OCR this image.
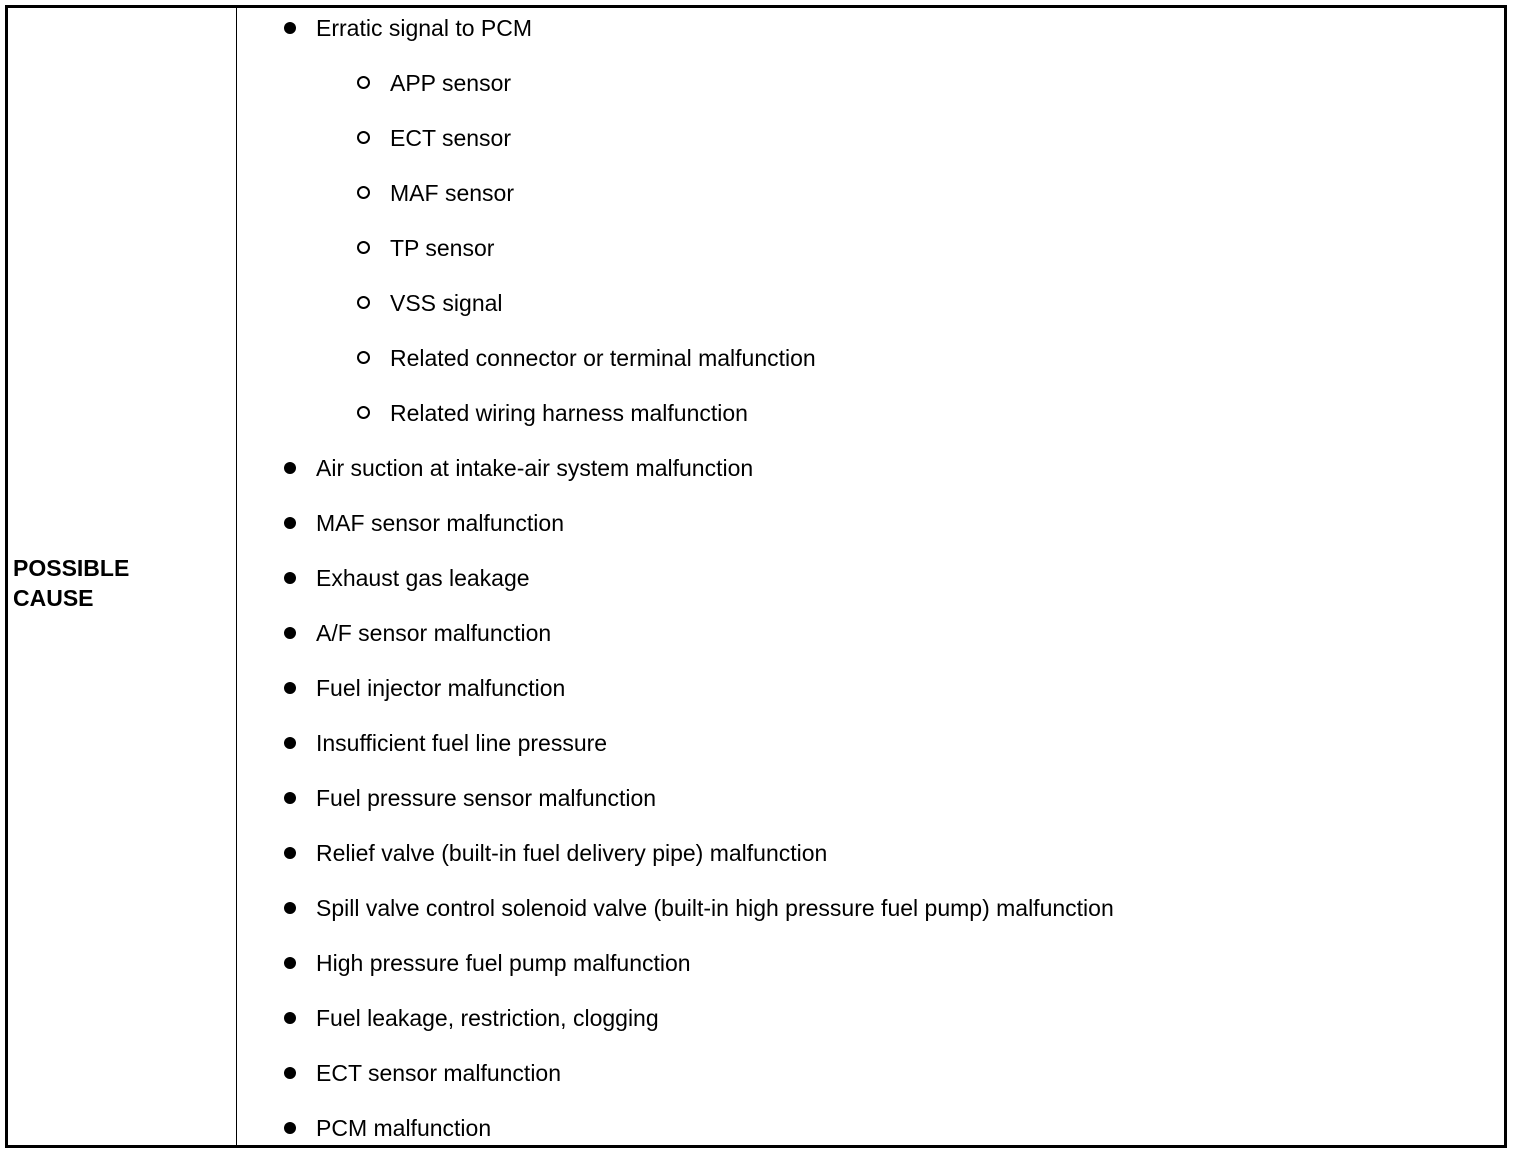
POSSIBLE
CAUSE
Erratic signal to PCM
APP sensor
ECT sensor
MAF sensor
TP sensor
VSS signal
Related connector or terminal malfunction
Related wiring harness malfunction
Air suction at intake-air system malfunction
MAF sensor malfunction
Exhaust gas leakage
A/F sensor malfunction
Fuel injector malfunction
Insufficient fuel line pressure
Fuel pressure sensor malfunction
Relief valve (built-in fuel delivery pipe) malfunction
Spill valve control solenoid valve (built-in high pressure fuel pump) malfunction
High pressure fuel pump malfunction
Fuel leakage, restriction, clogging
ECT sensor malfunction
PCM malfunction
